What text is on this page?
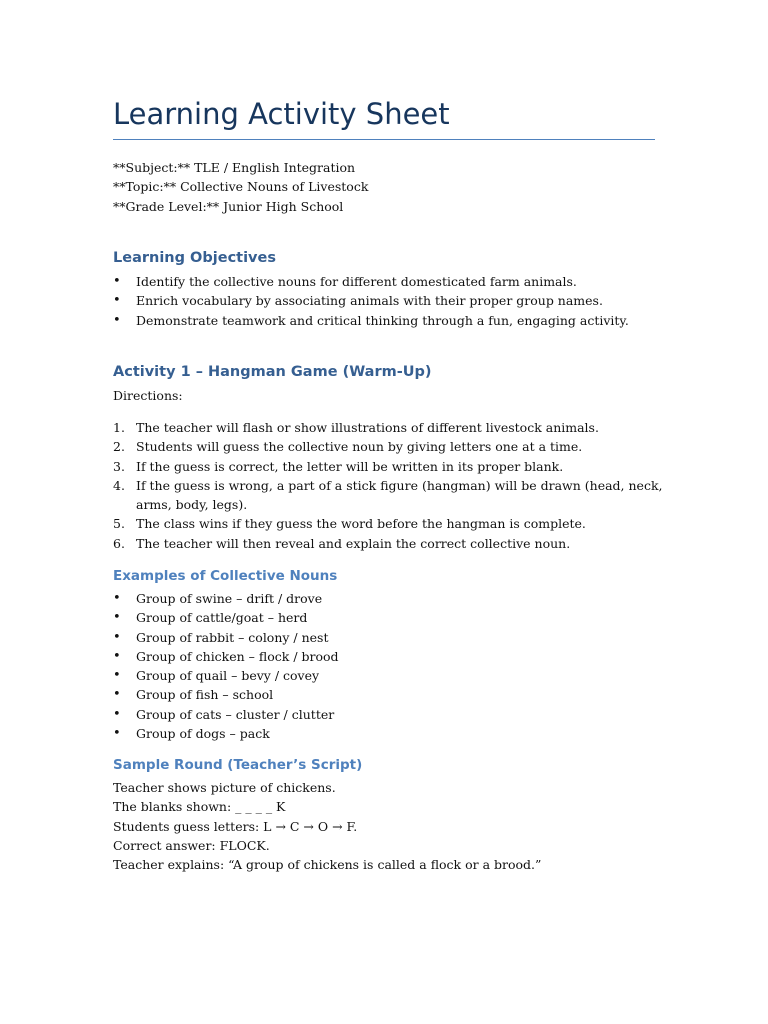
Learning Activity Sheet
**Subject:** TLE / English Integration
**Topic:** Collective Nouns of Livestock
**Grade Level:** Junior High School
Learning Objectives
• Identify the collective nouns for different domesticated farm animals.
• Enrich vocabulary by associating animals with their proper group names.
• Demonstrate teamwork and critical thinking through a fun, engaging activity.
Activity 1 – Hangman Game (Warm-Up)
Directions:
1. The teacher will flash or show illustrations of different livestock animals.
2. Students will guess the collective noun by giving letters one at a time.
3. If the guess is correct, the letter will be written in its proper blank.
4. If the guess is wrong, a part of a stick figure (hangman) will be drawn (head, neck, arms, body, legs).
5. The class wins if they guess the word before the hangman is complete.
6. The teacher will then reveal and explain the correct collective noun.
Examples of Collective Nouns
• Group of swine – drift / drove
• Group of cattle/goat – herd
• Group of rabbit – colony / nest
• Group of chicken – flock / brood
• Group of quail – bevy / covey
• Group of fish – school
• Group of cats – cluster / clutter
• Group of dogs – pack
Sample Round (Teacher’s Script)
Teacher shows picture of chickens.
The blanks shown: _ _ _ _ K
Students guess letters: L → C → O → F.
Correct answer: FLOCK.
Teacher explains: “A group of chickens is called a flock or a brood.”
